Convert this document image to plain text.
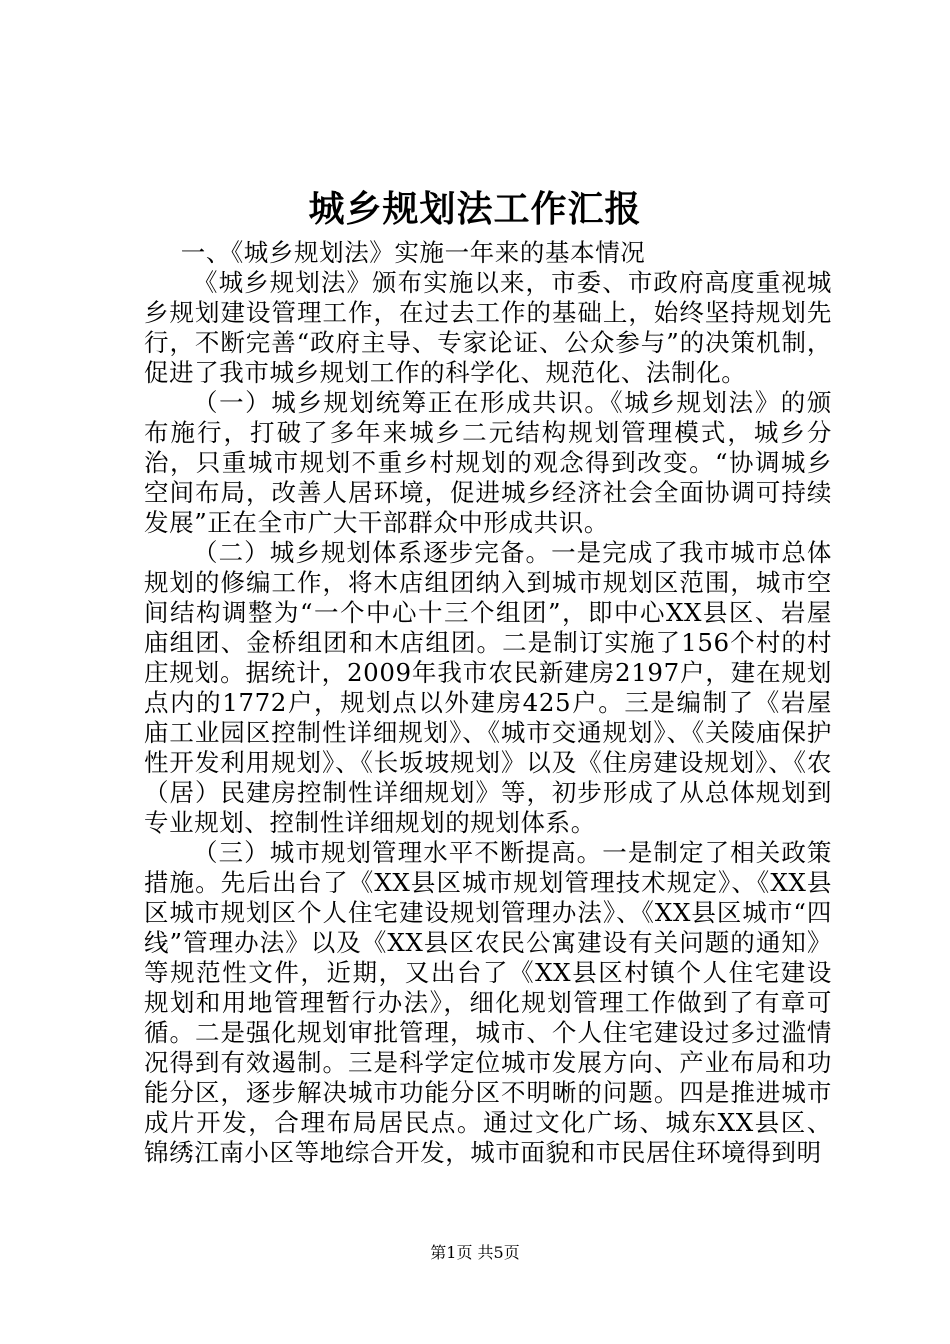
城乡规划法工作汇报

一、《城乡规划法》实施一年来的基本情况

《城乡规划法》颁布实施以来，市委、市政府高度重视城乡规划建设管理工作，在过去工作的基础上，始终坚持规划先行，不断完善“政府主导、专家论证、公众参与”的决策机制，促进了我市城乡规划工作的科学化、规范化、法制化。

（一）城乡规划统筹正在形成共识。《城乡规划法》的颁布施行，打破了多年来城乡二元结构规划管理模式，城乡分治，只重城市规划不重乡村规划的观念得到改变。“协调城乡空间布局，改善人居环境，促进城乡经济社会全面协调可持续发展”正在全市广大干部群众中形成共识。

（二）城乡规划体系逐步完备。一是完成了我市城市总体规划的修编工作，将木店组团纳入到城市规划区范围，城市空间结构调整为“一个中心十三个组团”，即中心XX县区、岩屋庙组团、金桥组团和木店组团。二是制订实施了156个村的村庄规划。据统计，2009年我市农民新建房2197户，建在规划点内的1772户，规划点以外建房425户。三是编制了《岩屋庙工业园区控制性详细规划》、《城市交通规划》、《关陵庙保护性开发利用规划》、《长坂坡规划》以及《住房建设规划》、《农（居）民建房控制性详细规划》等，初步形成了从总体规划到专业规划、控制性详细规划的规划体系。

（三）城市规划管理水平不断提高。一是制定了相关政策措施。先后出台了《XX县区城市规划管理技术规定》、《XX县区城市规划区个人住宅建设规划管理办法》、《XX县区城市“四线”管理办法》以及《XX县区农民公寓建设有关问题的通知》等规范性文件，近期，又出台了《XX县区村镇个人住宅建设规划和用地管理暂行办法》，细化规划管理工作做到了有章可循。二是强化规划审批管理，城市、个人住宅建设过多过滥情况得到有效遏制。三是科学定位城市发展方向、产业布局和功能分区，逐步解决城市功能分区不明晰的问题。四是推进城市成片开发，合理布局居民点。通过文化广场、城东XX县区、锦绣江南小区等地综合开发，城市面貌和市民居住环境得到明

第1页 共5页
